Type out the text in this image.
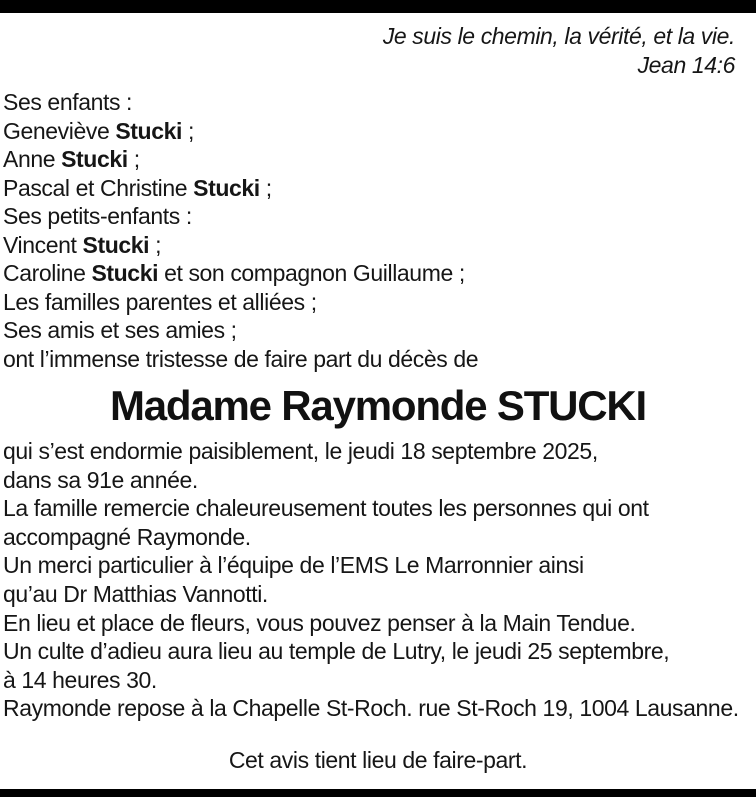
Je suis le chemin, la vérité, et la vie.
Jean 14:6
Ses enfants :
Geneviève Stucki ;
Anne Stucki ;
Pascal et Christine Stucki ;
Ses petits-enfants :
Vincent Stucki ;
Caroline Stucki et son compagnon Guillaume ;
Les familles parentes et alliées ;
Ses amis et ses amies ;
ont l’immense tristesse de faire part du décès de
Madame Raymonde STUCKI
qui s’est endormie paisiblement, le jeudi 18 septembre 2025,
dans sa 91e année.
La famille remercie chaleureusement toutes les personnes qui ont
accompagné Raymonde.
Un merci particulier à l’équipe de l’EMS Le Marronnier ainsi
qu’au Dr Matthias Vannotti.
En lieu et place de fleurs, vous pouvez penser à la Main Tendue.
Un culte d’adieu aura lieu au temple de Lutry, le jeudi 25 septembre,
à 14 heures 30.
Raymonde repose à la Chapelle St-Roch. rue St-Roch 19, 1004 Lausanne.
Cet avis tient lieu de faire-part.
